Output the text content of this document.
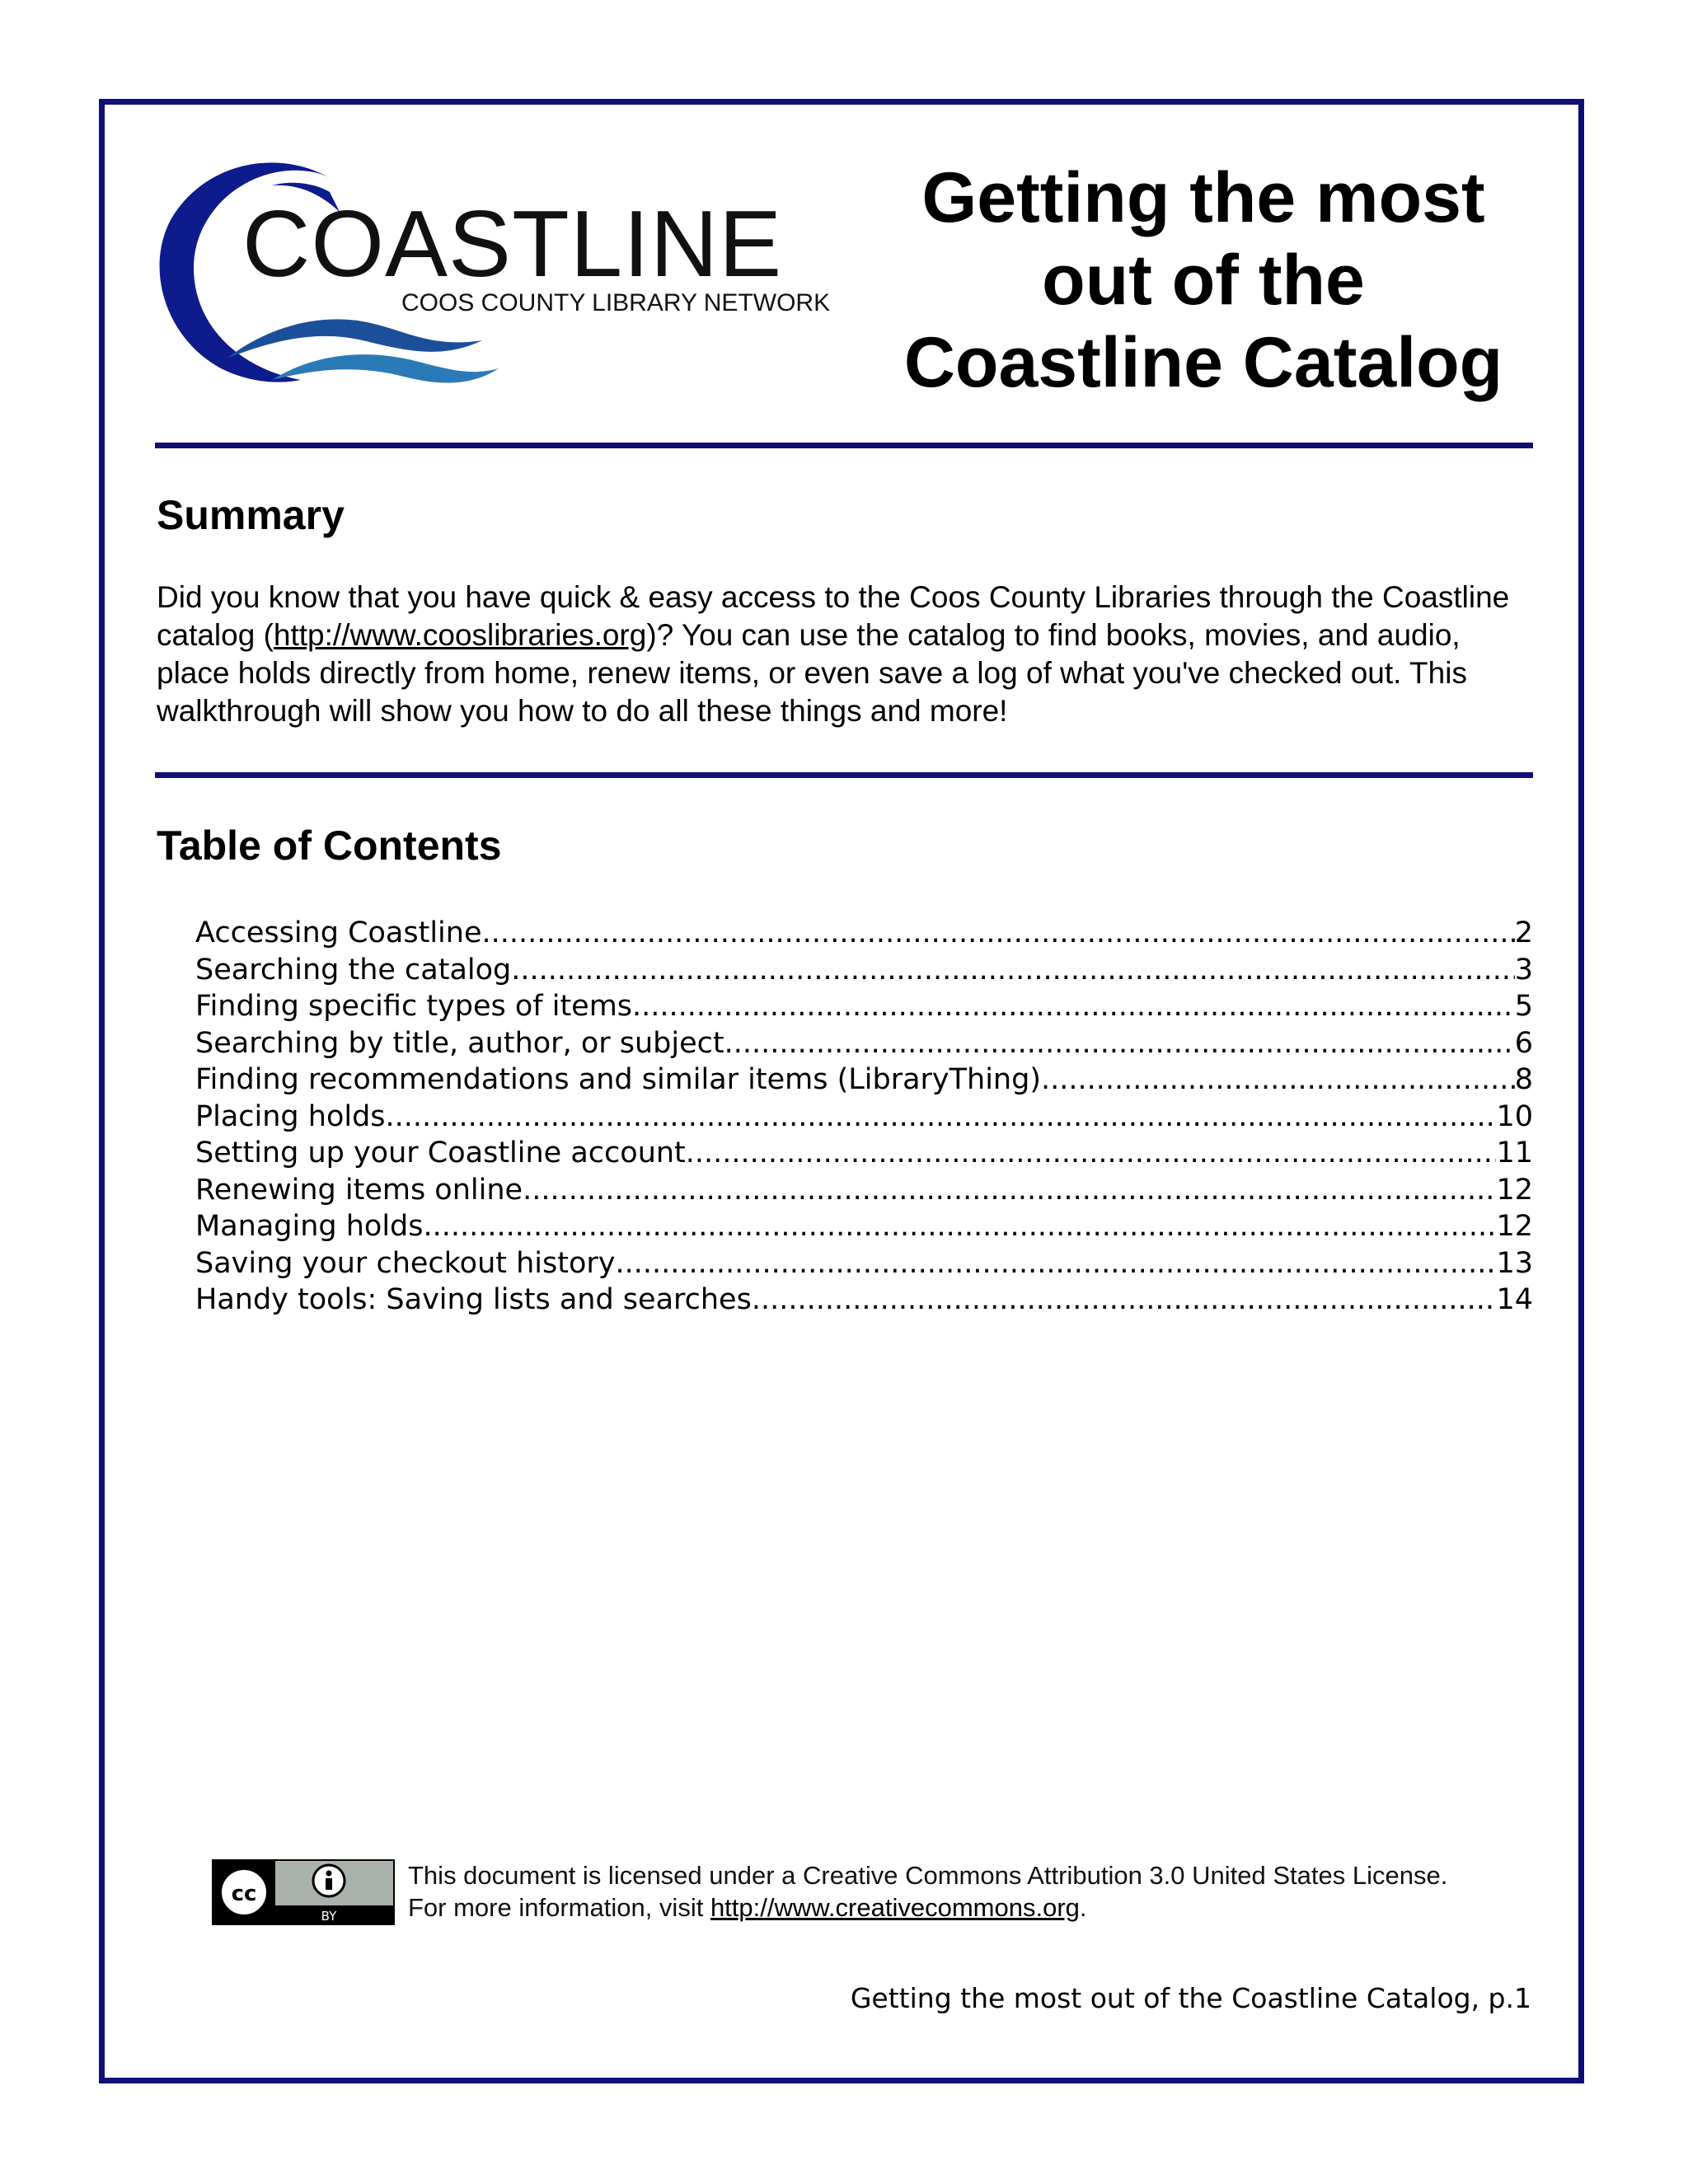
COASTLINE
COOS COUNTY LIBRARY NETWORK
Getting the most
out of the
Coastline Catalog
Summary

Did you know that you have quick & easy access to the Coos County Libraries through the Coastline catalog (http://www.cooslibraries.org)? You can use the catalog to find books, movies, and audio, place holds directly from home, renew items, or even save a log of what you've checked out. This walkthrough will show you how to do all these things and more!

Table of Contents
Accessing Coastline .....	2
Searching the catalog .....	3
Finding specific types of items .....	5
Searching by title, author, or subject .....	6
Finding recommendations and similar items (LibraryThing) .....	8
Placing holds .....	10
Setting up your Coastline account .....	11
Renewing items online .....	12
Managing holds .....	12
Saving your checkout history .....	13
Handy tools: Saving lists and searches .....	14
cc
BY

This document is licensed under a Creative Commons Attribution 3.0 United States License. For more information, visit http://www.creativecommons.org.

Getting the most out of the Coastline Catalog, p.1
